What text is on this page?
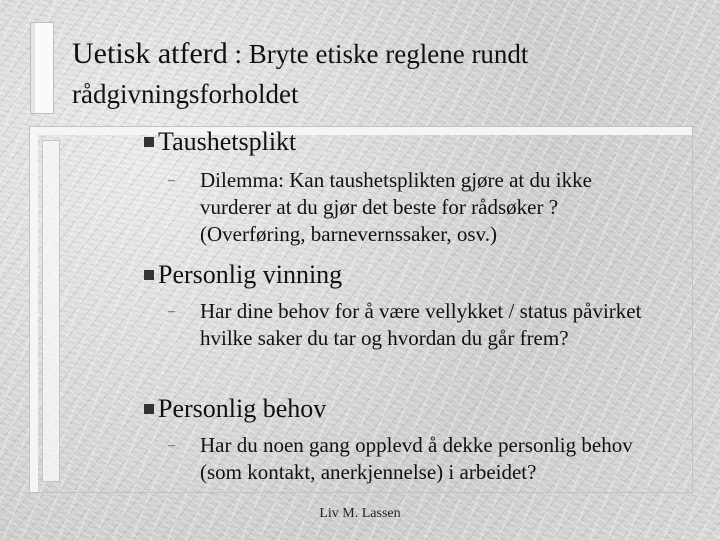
Uetisk atferd : Bryte etiske reglene rundt rådgivningsforholdet
Taushetsplikt
– Dilemma: Kan taushetsplikten gjøre at du ikke vurderer at du gjør det beste for rådsøker ? (Overføring, barnevernssaker, osv.)
Personlig vinning
– Har dine behov for å være vellykket / status påvirket hvilke saker du tar og hvordan du går frem?
Personlig behov
– Har du noen gang opplevd å dekke personlig behov (som kontakt, anerkjennelse) i arbeidet?
Liv M. Lassen
